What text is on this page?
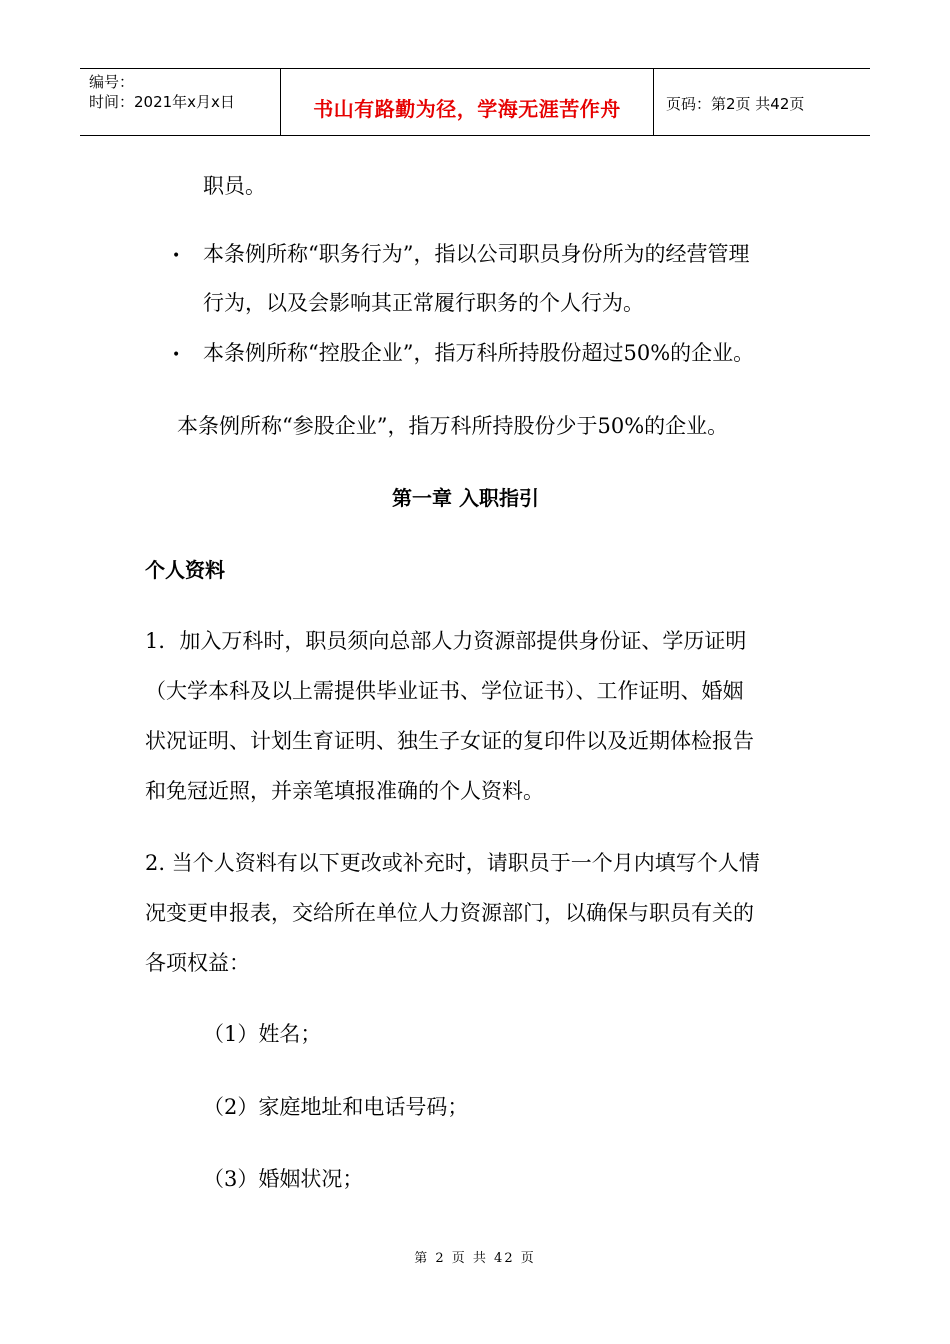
编号：
时间：2021年x月x日	书山有路勤为径，学海无涯苦作舟	页码：第2页 共42页
职员。
• 本条例所称“职务行为”，指以公司职员身份所为的经营管理
行为，以及会影响其正常履行职务的个人行为。
• 本条例所称“控股企业”，指万科所持股份超过50%的企业。
本条例所称“参股企业”，指万科所持股份少于50%的企业。
第一章 入职指引
个人资料
1．加入万科时，职员须向总部人力资源部提供身份证、学历证明
（大学本科及以上需提供毕业证书、学位证书）、工作证明、婚姻
状况证明、计划生育证明、独生子女证的复印件以及近期体检报告
和免冠近照，并亲笔填报准确的个人资料。
2. 当个人资料有以下更改或补充时，请职员于一个月内填写个人情
况变更申报表，交给所在单位人力资源部门，以确保与职员有关的
各项权益：
（1）姓名；
（2）家庭地址和电话号码；
（3）婚姻状况；
第 2 页 共 42 页
